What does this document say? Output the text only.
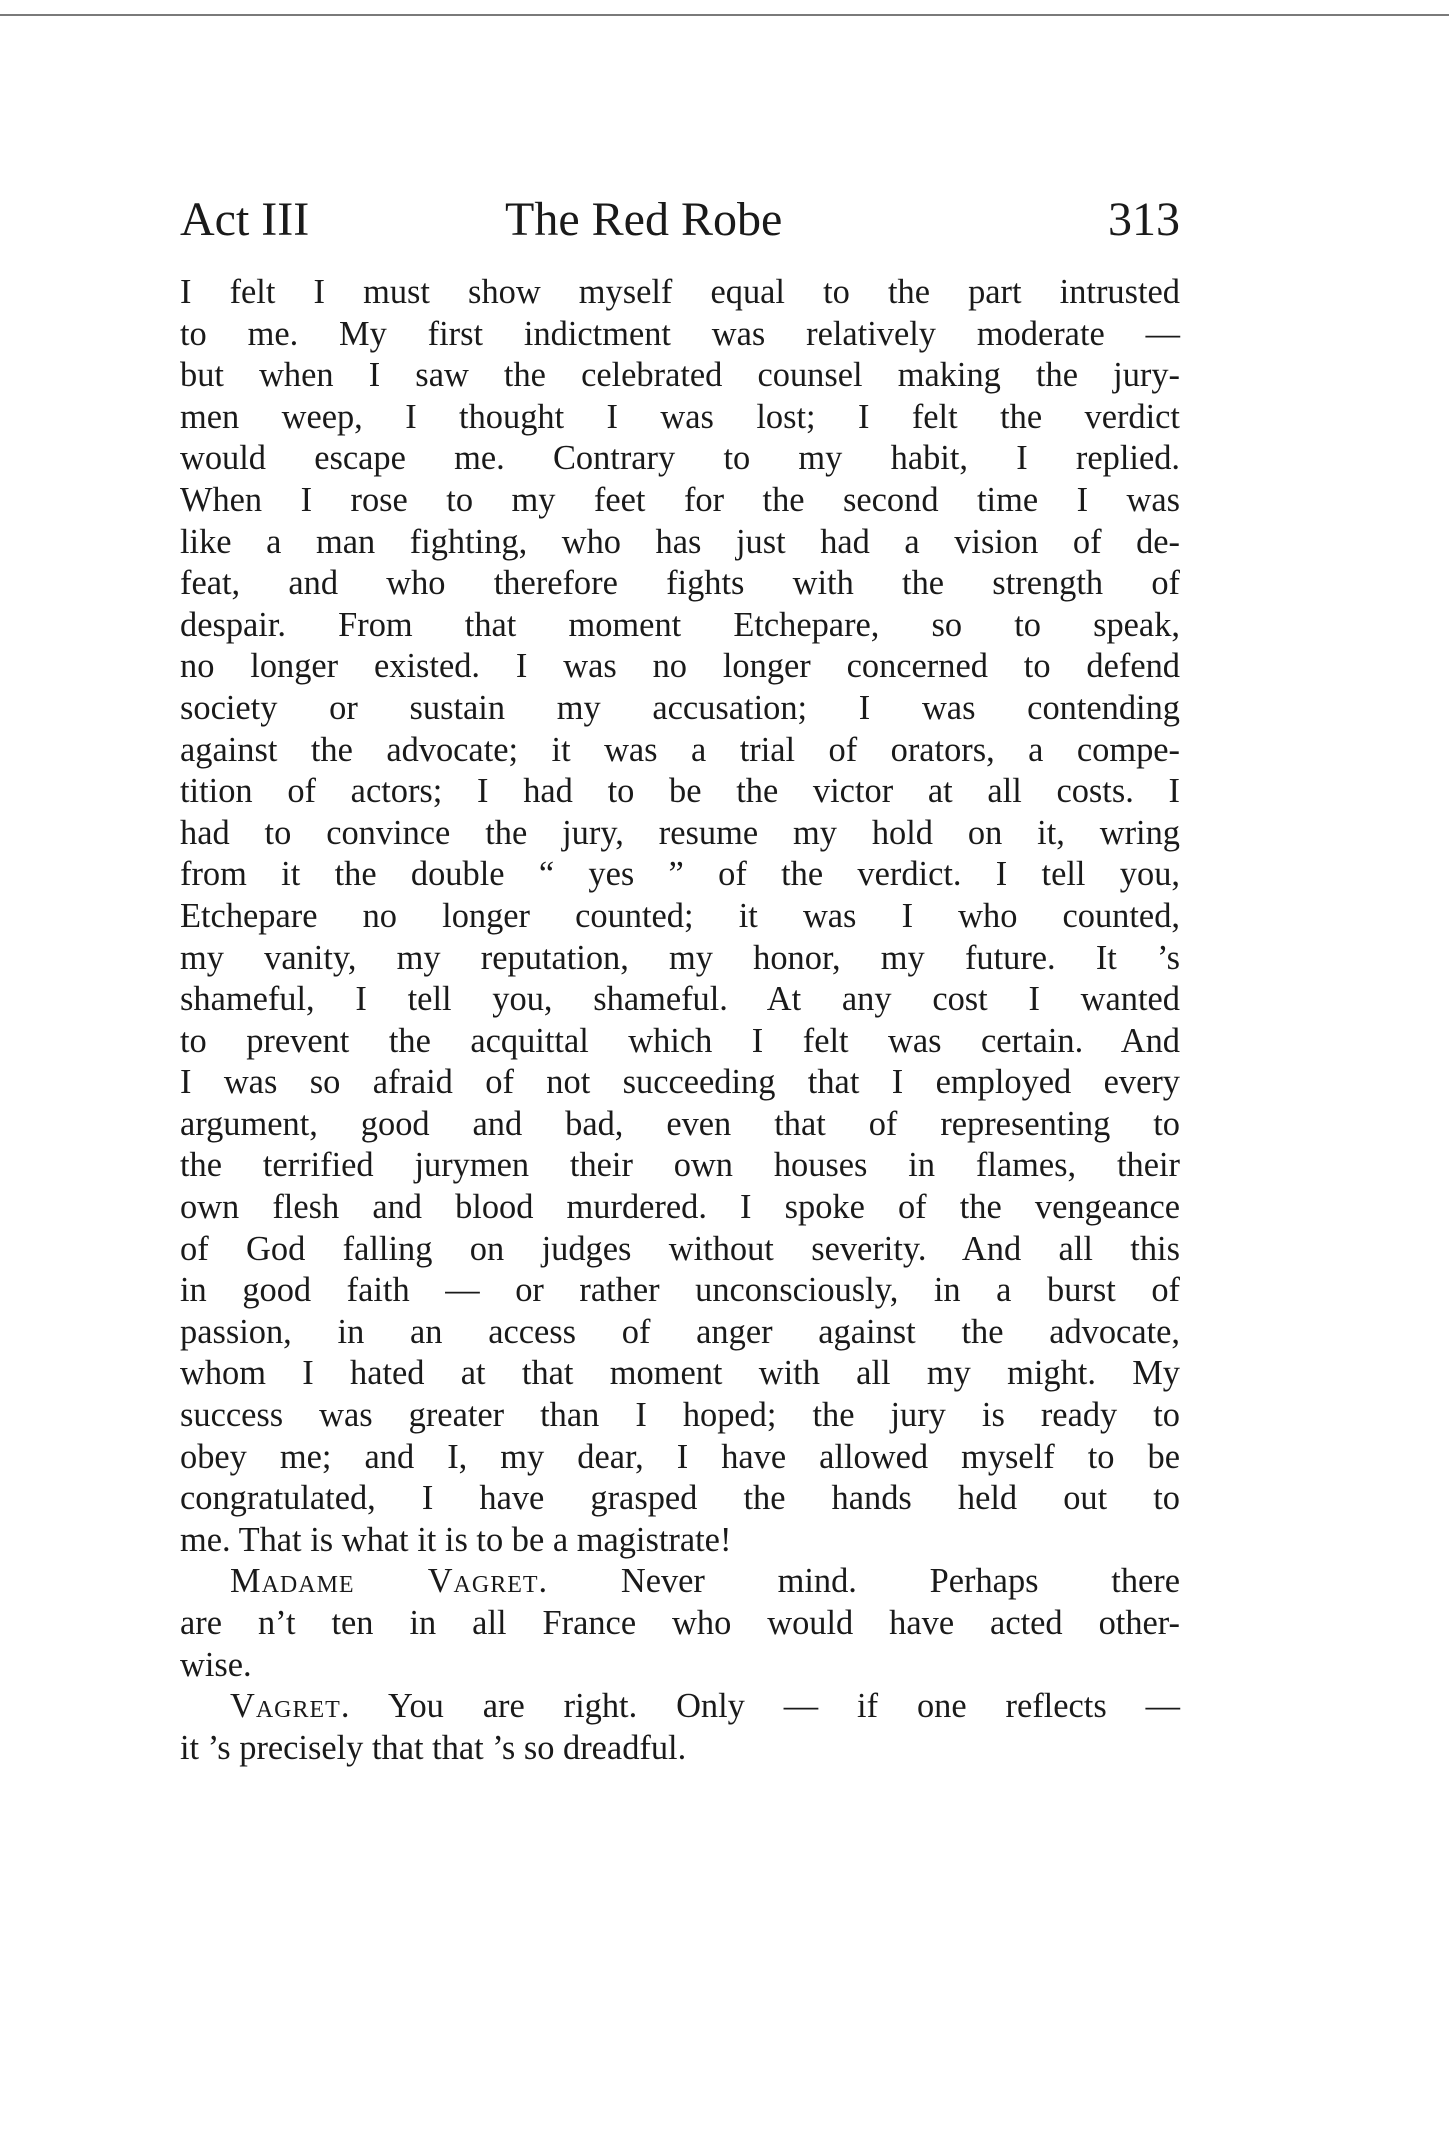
Act III	The Red Robe	313
I felt I must show myself equal to the part intrusted
to me. My first indictment was relatively moderate —
but when I saw the celebrated counsel making the jury-
men weep, I thought I was lost; I felt the verdict
would escape me. Contrary to my habit, I replied.
When I rose to my feet for the second time I was
like a man fighting, who has just had a vision of de-
feat, and who therefore fights with the strength of
despair. From that moment Etchepare, so to speak,
no longer existed. I was no longer concerned to defend
society or sustain my accusation; I was contending
against the advocate; it was a trial of orators, a compe-
tition of actors; I had to be the victor at all costs. I
had to convince the jury, resume my hold on it, wring
from it the double “ yes ” of the verdict. I tell you,
Etchepare no longer counted; it was I who counted,
my vanity, my reputation, my honor, my future. It ’s
shameful, I tell you, shameful. At any cost I wanted
to prevent the acquittal which I felt was certain. And
I was so afraid of not succeeding that I employed every
argument, good and bad, even that of representing to
the terrified jurymen their own houses in flames, their
own flesh and blood murdered. I spoke of the vengeance
of God falling on judges without severity. And all this
in good faith — or rather unconsciously, in a burst of
passion, in an access of anger against the advocate,
whom I hated at that moment with all my might. My
success was greater than I hoped; the jury is ready to
obey me; and I, my dear, I have allowed myself to be
congratulated, I have grasped the hands held out to
me. That is what it is to be a magistrate!
Madame Vagret. Never mind. Perhaps there
are n’t ten in all France who would have acted other-
wise.
Vagret. You are right. Only — if one reflects —
it ’s precisely that that ’s so dreadful.
